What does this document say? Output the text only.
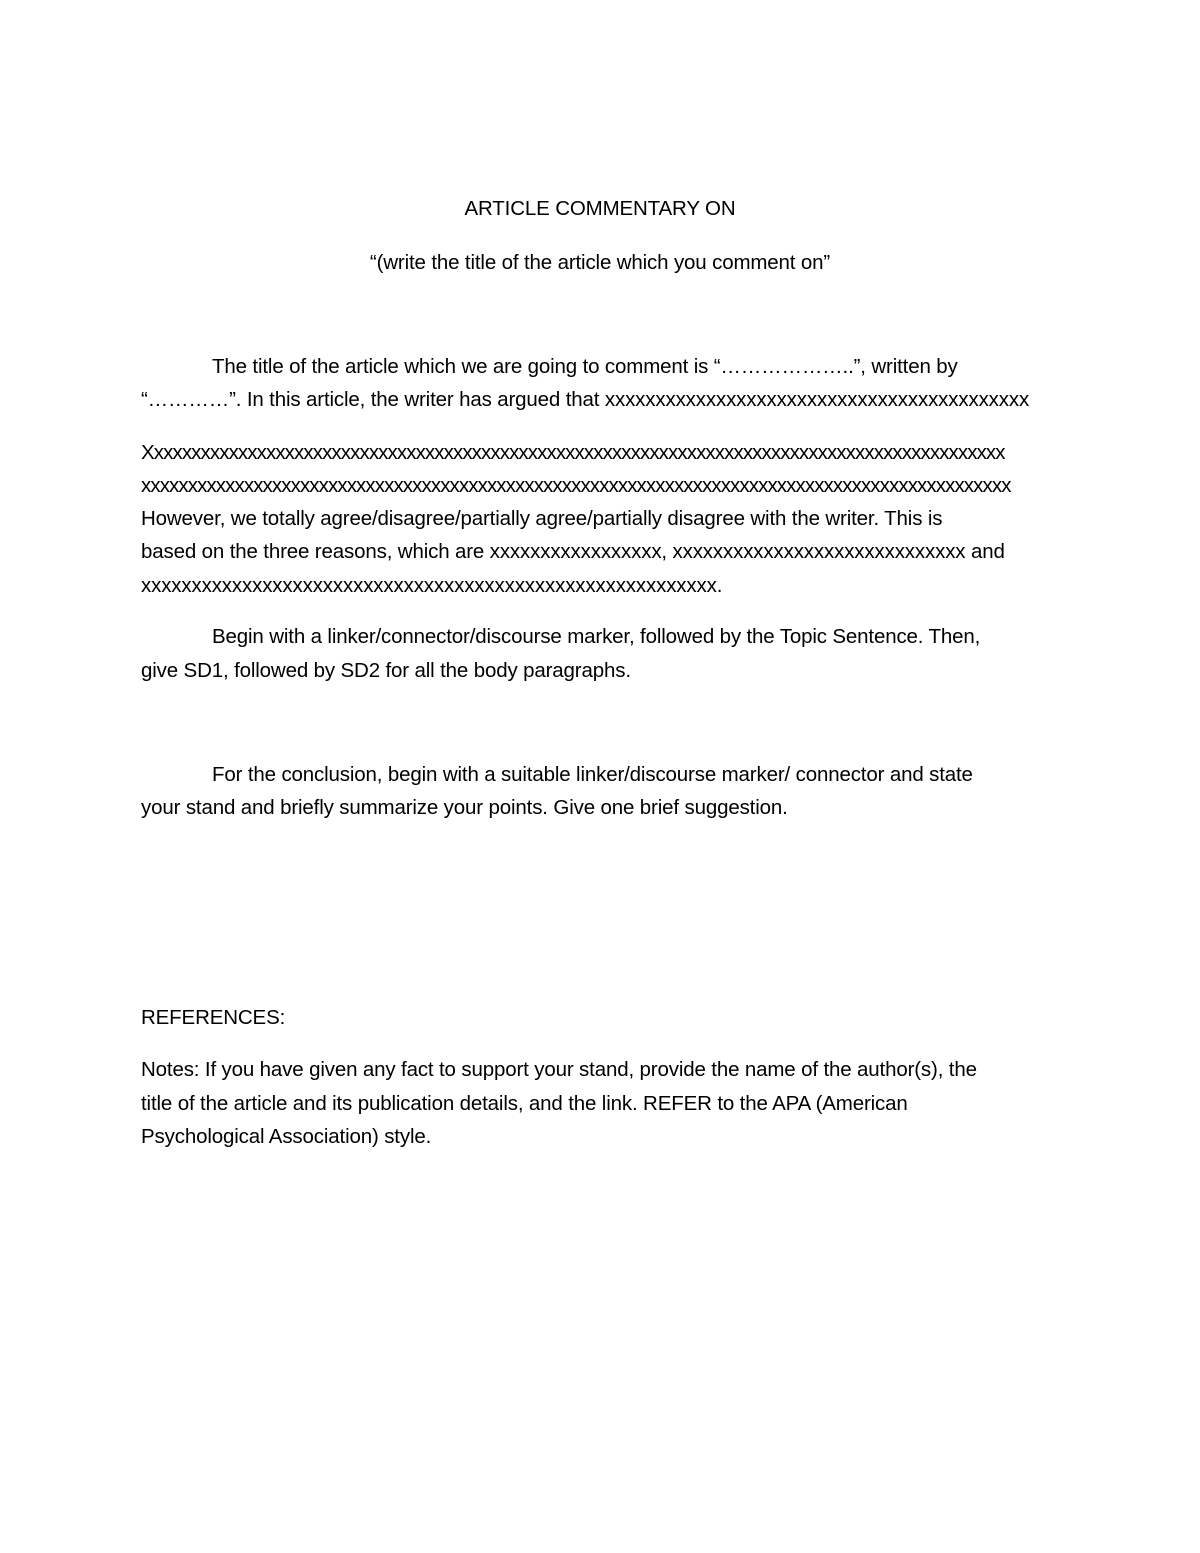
ARTICLE COMMENTARY ON
“(write the title of the article which you comment on”
The title of the article which we are going to comment is “………………..”, written by
“…………”. In this article, the writer has argued that xxxxxxxxxxxxxxxxxxxxxxxxxxxxxxxxxxxxxxxxxx
Xxxxxxxxxxxxxxxxxxxxxxxxxxxxxxxxxxxxxxxxxxxxxxxxxxxxxxxxxxxxxxxxxxxxxxxxxxxxxxxxxxxxxxxxxxxx
xxxxxxxxxxxxxxxxxxxxxxxxxxxxxxxxxxxxxxxxxxxxxxxxxxxxxxxxxxxxxxxxxxxxxxxxxxxxxxxxxxxxxxxxxxxxx
However, we totally agree/disagree/partially agree/partially disagree with the writer. This is
based on the three reasons, which are xxxxxxxxxxxxxxxxx, xxxxxxxxxxxxxxxxxxxxxxxxxxxxx and
xxxxxxxxxxxxxxxxxxxxxxxxxxxxxxxxxxxxxxxxxxxxxxxxxxxxxxxxx.
Begin with a linker/connector/discourse marker, followed by the Topic Sentence. Then,
give SD1, followed by SD2 for all the body paragraphs.
For the conclusion, begin with a suitable linker/discourse marker/ connector and state
your stand and briefly summarize your points. Give one brief suggestion.
REFERENCES:
Notes: If you have given any fact to support your stand, provide the name of the author(s), the
title of the article and its publication details, and the link. REFER to the APA (American
Psychological Association) style.
